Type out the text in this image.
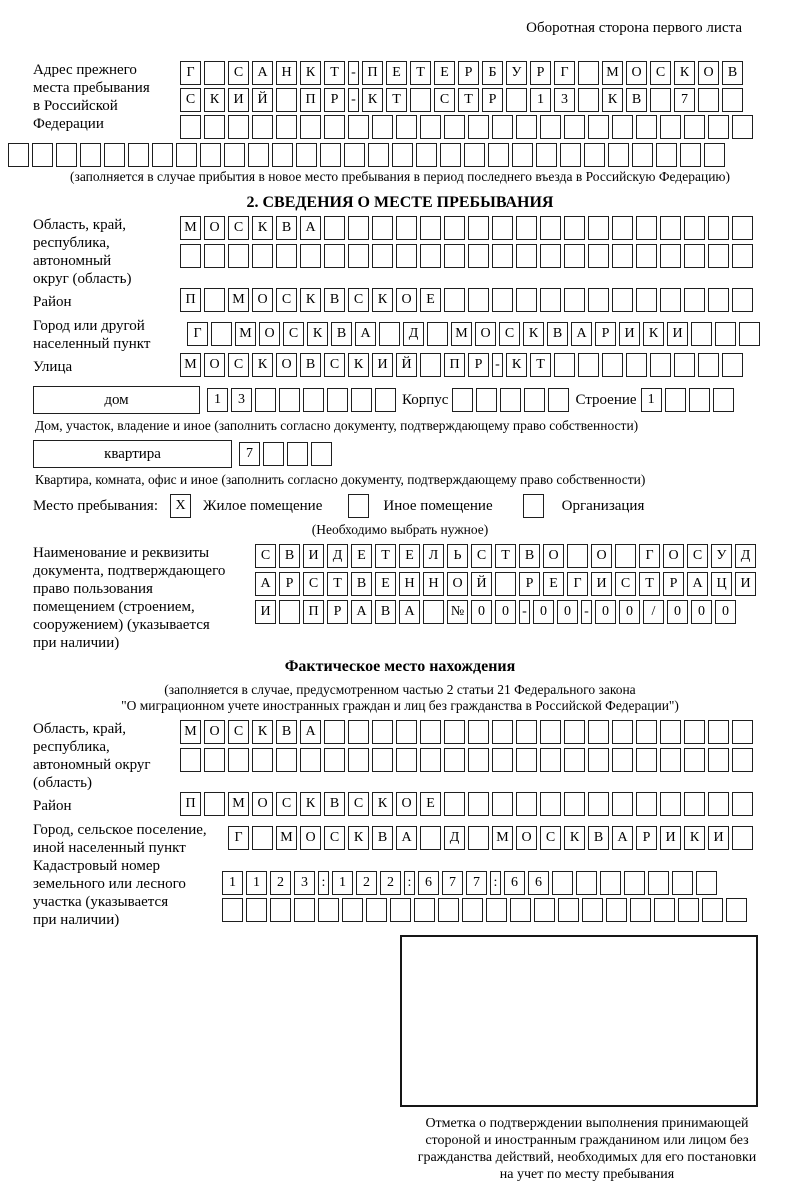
Оборотная сторона первого листа
Адрес прежнего
места пребывания
в Российской
Федерации
Г	С	А Н	К	Т - П	Е	Т	Е	Р	Б	У	Р	Г	М О	С	К	О	В
С	К	И Й	П	Р - К	Т	С	Т	Р	1	3	К	В	7
(заполняется в случае прибытия в новое место пребывания в период последнего въезда в Российскую Федерацию)
2. СВЕДЕНИЯ О МЕСТЕ ПРЕБЫВАНИЯ
Область, край,
республика,
автономный
округ (область)
М О	С	К	В	А
Район	П	М О	С	К	В	С	К	О	Е
Город или другой
населенный пункт
Г	М О	С	К	В	А	Д	М О	С	К	В	А	Р	И	К	И
Улица	М О	С	К	О	В	С	К	И Й	П	Р - К	Т
дом	1	3	Корпус	Строение 1
Дом, участок, владение и иное (заполнить согласно документу, подтверждающему право собственности)
квартира	7
Квартира, комната, офис и иное (заполнить согласно документу, подтверждающему право собственности)
Место пребывания:	X	Жилое помещение	Иное помещение	Организация
(Необходимо выбрать нужное)
Наименование и реквизиты
документа, подтверждающего
право пользования
помещением (строением,
сооружением) (указывается
при наличии)
С	В	И	Д	Е	Т	Е	Л	Ь	С	Т	В	О	О	Г	О	С	У	Д
А	Р	С	Т	В	Е	Н Н О Й	Р	Е	Г	И	С	Т	Р	А Ц И
И	П	Р	А	В	А	№ 0	0 - 0	0 - 0	0	/	0	0	0
Фактическое место нахождения
(заполняется в случае, предусмотренном частью 2 статьи 21 Федерального закона
"О миграционном учете иностранных граждан и лиц без гражданства в Российской Федерации")
Область, край,
республика,
автономный округ
(область)
М О	С	К	В	А
Район	П	М О	С	К	В	С	К	О	Е
Город, сельское поселение,
иной населенный пункт
Г	М О	С	К	В	А	Д	М О	С	К	В	А	Р	И	К	И
Кадастровый номер
земельного или лесного
участка (указывается
при наличии)
1	1	2	3 : 1	2	2 : 6	7	7 : 6	6
Отметка о подтверждении выполнения принимающей
стороной и иностранным гражданином или лицом без
гражданства действий, необходимых для его постановки
на учет по месту пребывания
